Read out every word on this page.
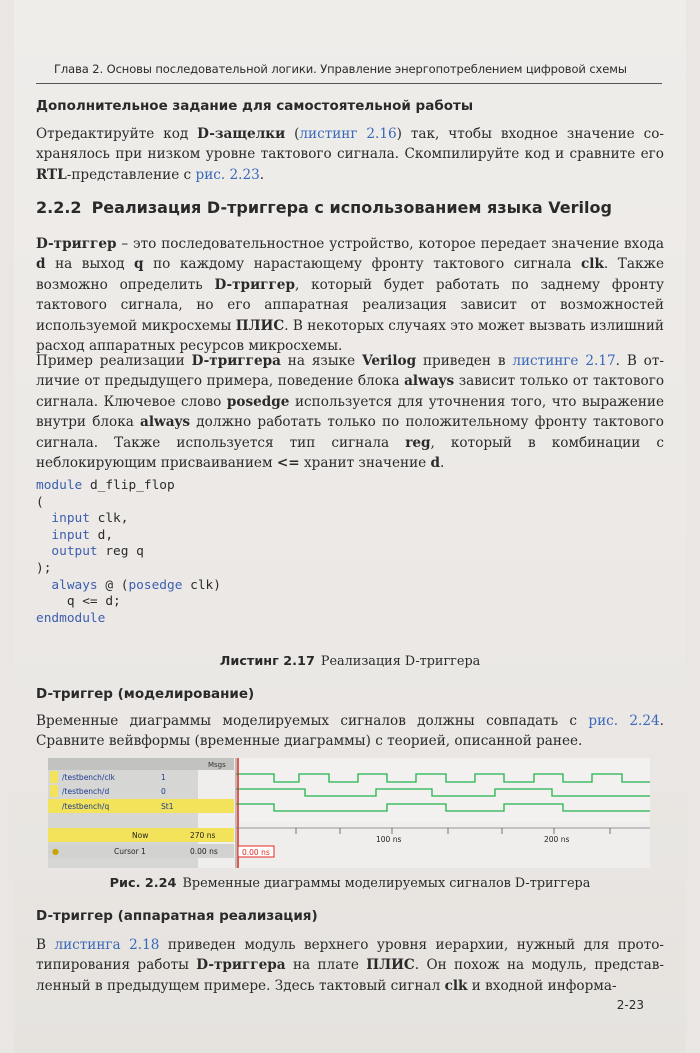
Глава 2. Основы последовательной логики. Управление энергопотреблением цифровой схемы
Дополнительное задание для самостоятельной работы
Отредактируйте код D-защелки (листинг 2.16) так, чтобы входное значение сохранялось при низком уровне тактового сигнала. Скомпилируйте код и сравните его RTL-представление с рис. 2.23.
2.2.2 Реализация D-триггера с использованием языка Verilog
D-триггер – это последовательностное устройство, которое передает значение входа d на выход q по каждому нарастающему фронту тактового сигнала clk. Также возможно определить D-триггер, который будет работать по заднему фронту тактового сигнала, но его аппаратная реализация зависит от возможностей используемой микросхемы ПЛИС. В некоторых случаях это может вызвать излишний расход аппаратных ресурсов микросхемы.
Пример реализации D-триггера на языке Verilog приведен в листинге 2.17. В отличие от предыдущего примера, поведение блока always зависит только от тактового сигнала. Ключевое слово posedge используется для уточнения того, что выражение внутри блока always должно работать только по положительному фронту тактового сигнала. Также используется тип сигнала reg, который в комбинации с неблокирующим присваиванием <= хранит значение d.
module d_flip_flop
(
input clk,
input d,
output reg q
);
always @ (posedge clk)
q <= d;
endmodule
Листинг 2.17 Реализация D-триггера
D-триггер (моделирование)
Временные диаграммы моделируемых сигналов должны совпадать с рис. 2.24. Сравните вейвформы (временные диаграммы) с теорией, описанной ранее.
Msgs
/testbench/clk	1
/testbench/d	0
/testbench/q	St1
Now	270 ns
●	Cursor 1	0.00 ns
100 ns	200 ns
0.00 ns
Рис. 2.24 Временные диаграммы моделируемых сигналов D-триггера
D-триггер (аппаратная реализация)
В листинга 2.18 приведен модуль верхнего уровня иерархии, нужный для прототипирования работы D-триггера на плате ПЛИС. Он похож на модуль, представленный в предыдущем примере. Здесь тактовый сигнал clk и входной информа-
2-23
